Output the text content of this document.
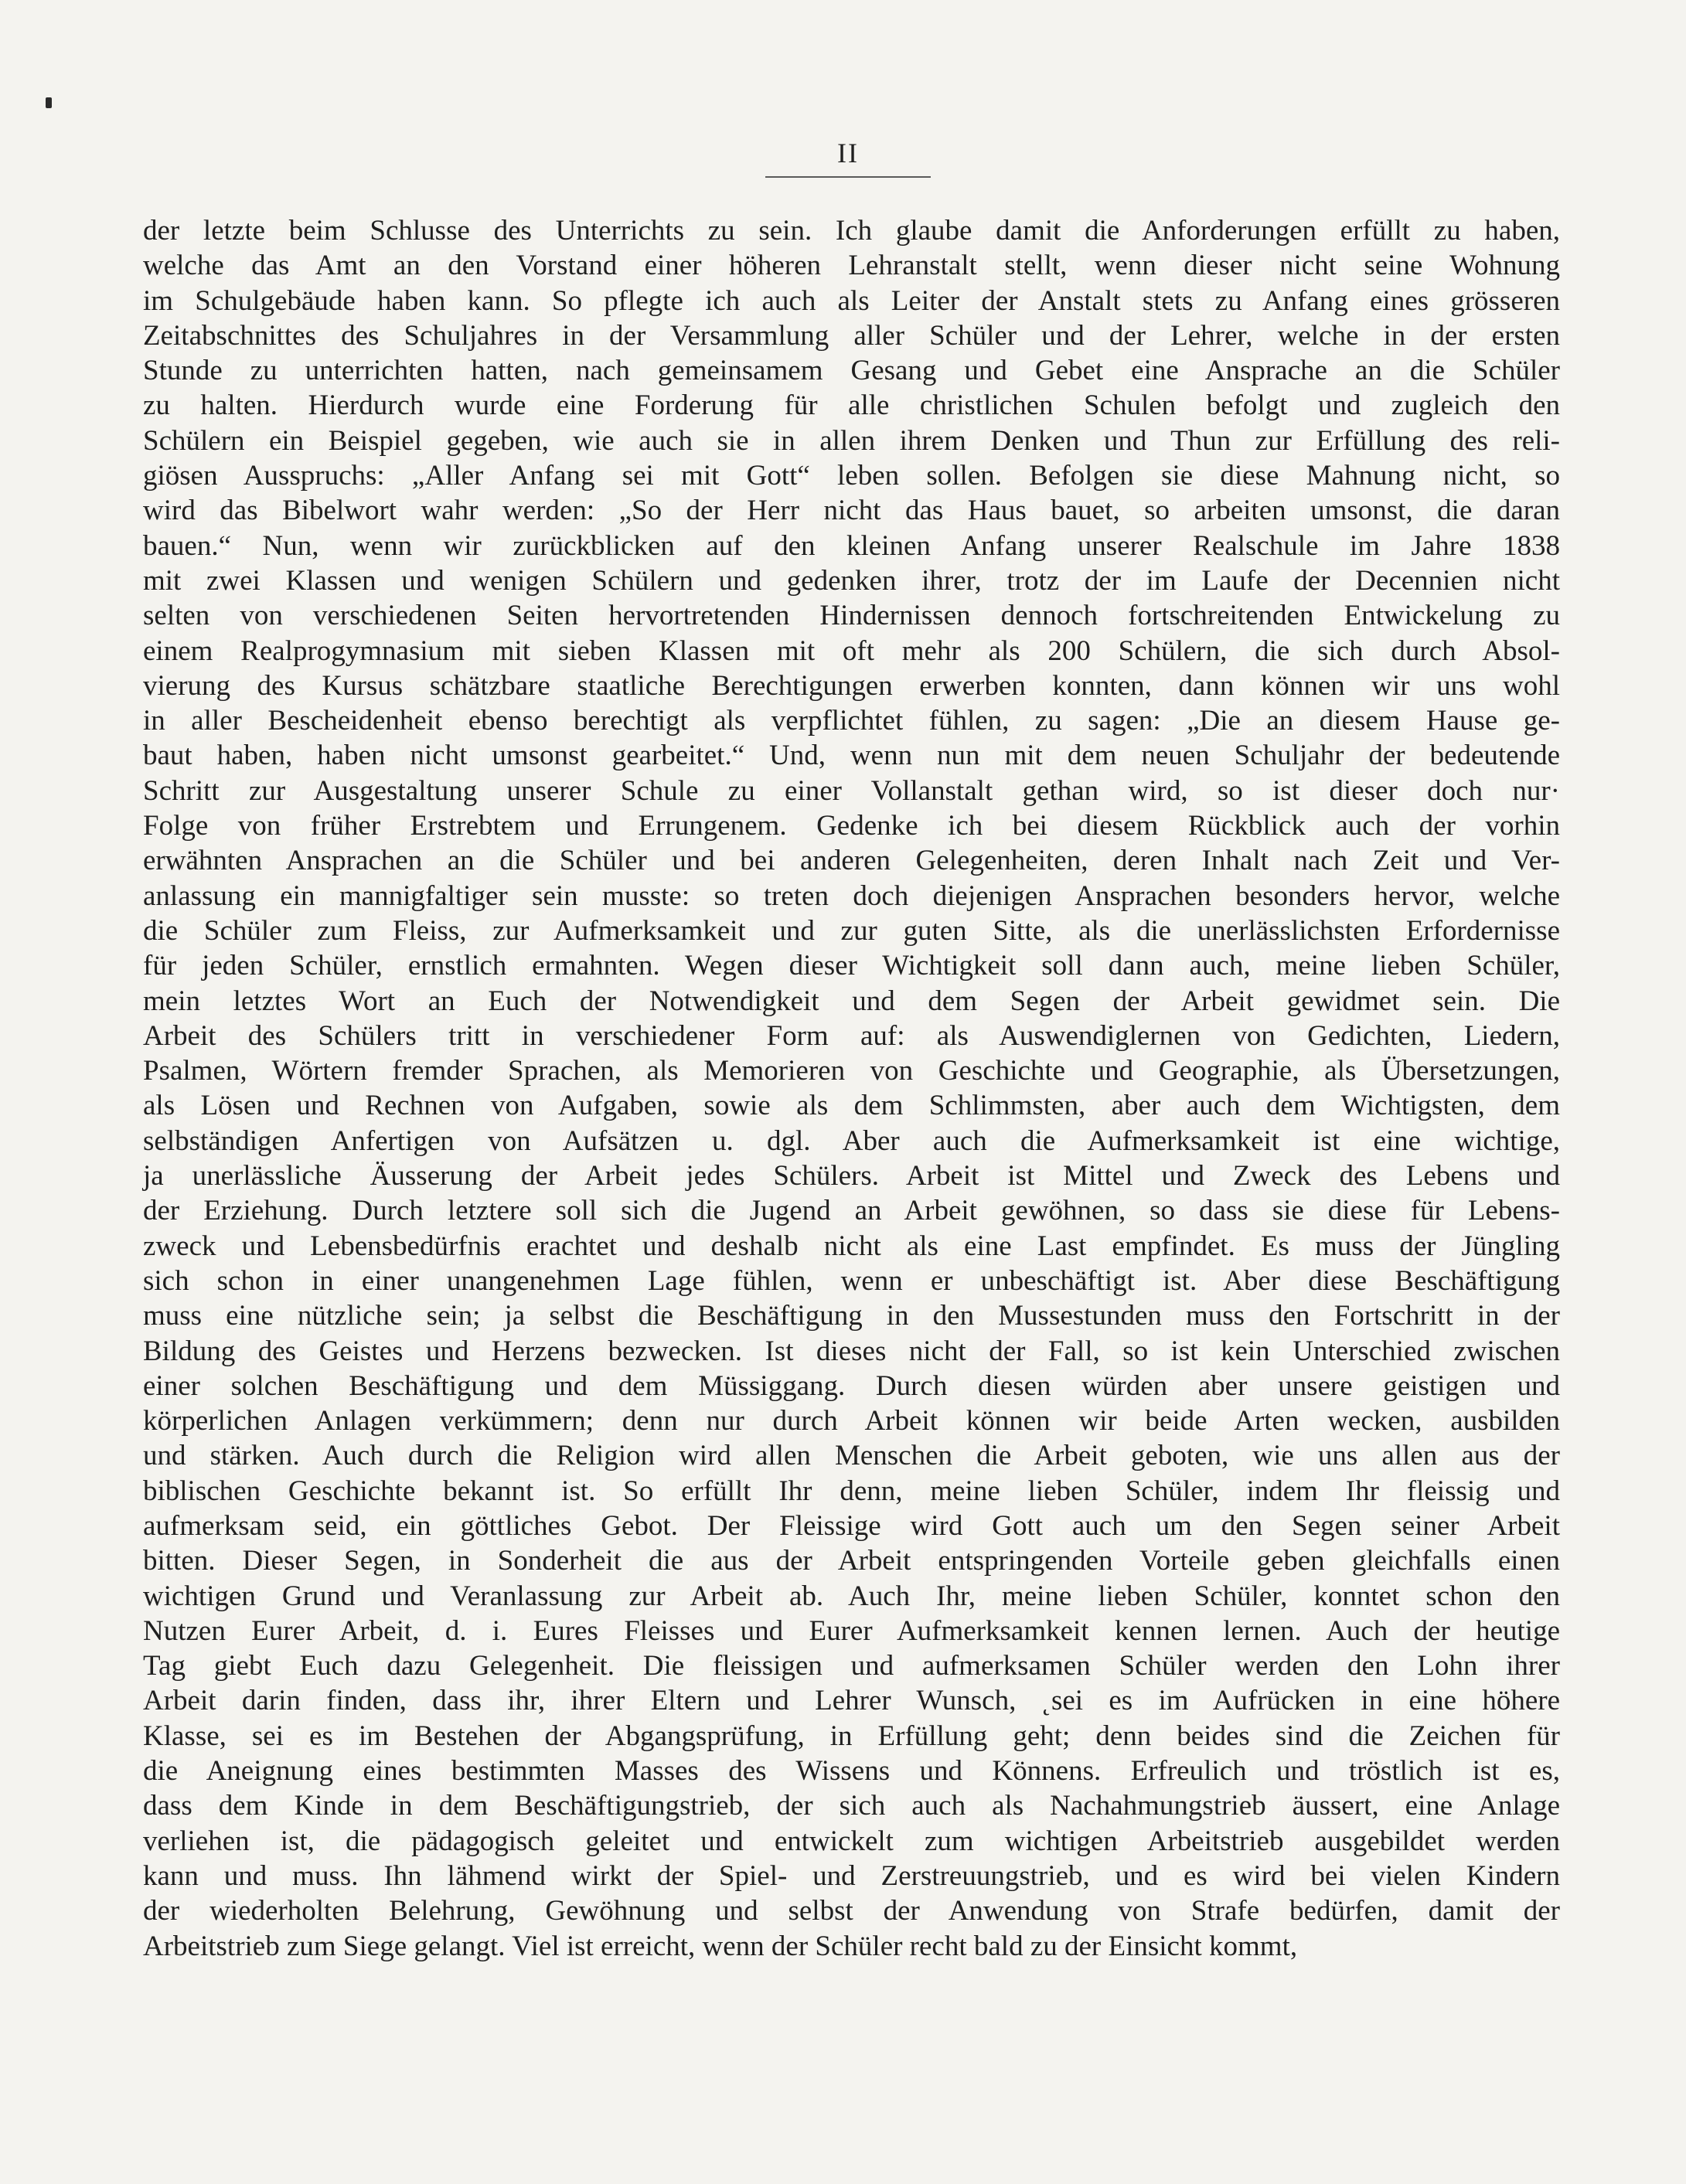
II
der letzte beim Schlusse des Unterrichts zu sein. Ich glaube damit die Anforderungen erfüllt zu haben,
welche das Amt an den Vorstand einer höheren Lehranstalt stellt, wenn dieser nicht seine Wohnung
im Schulgebäude haben kann. So pflegte ich auch als Leiter der Anstalt stets zu Anfang eines grösseren
Zeitabschnittes des Schuljahres in der Versammlung aller Schüler und der Lehrer, welche in der ersten
Stunde zu unterrichten hatten, nach gemeinsamem Gesang und Gebet eine Ansprache an die Schüler
zu halten. Hierdurch wurde eine Forderung für alle christlichen Schulen befolgt und zugleich den
Schülern ein Beispiel gegeben, wie auch sie in allen ihrem Denken und Thun zur Erfüllung des reli-
giösen Ausspruchs: „Aller Anfang sei mit Gott“ leben sollen. Befolgen sie diese Mahnung nicht, so
wird das Bibelwort wahr werden: „So der Herr nicht das Haus bauet, so arbeiten umsonst, die daran
bauen.“ Nun, wenn wir zurückblicken auf den kleinen Anfang unserer Realschule im Jahre 1838
mit zwei Klassen und wenigen Schülern und gedenken ihrer, trotz der im Laufe der Decennien nicht
selten von verschiedenen Seiten hervortretenden Hindernissen dennoch fortschreitenden Entwickelung zu
einem Realprogymnasium mit sieben Klassen mit oft mehr als 200 Schülern, die sich durch Absol-
vierung des Kursus schätzbare staatliche Berechtigungen erwerben konnten, dann können wir uns wohl
in aller Bescheidenheit ebenso berechtigt als verpflichtet fühlen, zu sagen: „Die an diesem Hause ge-
baut haben, haben nicht umsonst gearbeitet.“ Und, wenn nun mit dem neuen Schuljahr der bedeutende
Schritt zur Ausgestaltung unserer Schule zu einer Vollanstalt gethan wird, so ist dieser doch nur·
Folge von früher Erstrebtem und Errungenem. Gedenke ich bei diesem Rückblick auch der vorhin
erwähnten Ansprachen an die Schüler und bei anderen Gelegenheiten, deren Inhalt nach Zeit und Ver-
anlassung ein mannigfaltiger sein musste: so treten doch diejenigen Ansprachen besonders hervor, welche
die Schüler zum Fleiss, zur Aufmerksamkeit und zur guten Sitte, als die unerlässlichsten Erfordernisse
für jeden Schüler, ernstlich ermahnten. Wegen dieser Wichtigkeit soll dann auch, meine lieben Schüler,
mein letztes Wort an Euch der Notwendigkeit und dem Segen der Arbeit gewidmet sein. Die
Arbeit des Schülers tritt in verschiedener Form auf: als Auswendiglernen von Gedichten, Liedern,
Psalmen, Wörtern fremder Sprachen, als Memorieren von Geschichte und Geographie, als Übersetzungen,
als Lösen und Rechnen von Aufgaben, sowie als dem Schlimmsten, aber auch dem Wichtigsten, dem
selbständigen Anfertigen von Aufsätzen u. dgl. Aber auch die Aufmerksamkeit ist eine wichtige,
ja unerlässliche Äusserung der Arbeit jedes Schülers. Arbeit ist Mittel und Zweck des Lebens und
der Erziehung. Durch letztere soll sich die Jugend an Arbeit gewöhnen, so dass sie diese für Lebens-
zweck und Lebensbedürfnis erachtet und deshalb nicht als eine Last empfindet. Es muss der Jüngling
sich schon in einer unangenehmen Lage fühlen, wenn er unbeschäftigt ist. Aber diese Beschäftigung
muss eine nützliche sein; ja selbst die Beschäftigung in den Mussestunden muss den Fortschritt in der
Bildung des Geistes und Herzens bezwecken. Ist dieses nicht der Fall, so ist kein Unterschied zwischen
einer solchen Beschäftigung und dem Müssiggang. Durch diesen würden aber unsere geistigen und
körperlichen Anlagen verkümmern; denn nur durch Arbeit können wir beide Arten wecken, ausbilden
und stärken. Auch durch die Religion wird allen Menschen die Arbeit geboten, wie uns allen aus der
biblischen Geschichte bekannt ist. So erfüllt Ihr denn, meine lieben Schüler, indem Ihr fleissig und
aufmerksam seid, ein göttliches Gebot. Der Fleissige wird Gott auch um den Segen seiner Arbeit
bitten. Dieser Segen, in Sonderheit die aus der Arbeit entspringenden Vorteile geben gleichfalls einen
wichtigen Grund und Veranlassung zur Arbeit ab. Auch Ihr, meine lieben Schüler, konntet schon den
Nutzen Eurer Arbeit, d. i. Eures Fleisses und Eurer Aufmerksamkeit kennen lernen. Auch der heutige
Tag giebt Euch dazu Gelegenheit. Die fleissigen und aufmerksamen Schüler werden den Lohn ihrer
Arbeit darin finden, dass ihr, ihrer Eltern und Lehrer Wunsch, ˛sei es im Aufrücken in eine höhere
Klasse, sei es im Bestehen der Abgangsprüfung, in Erfüllung geht; denn beides sind die Zeichen für
die Aneignung eines bestimmten Masses des Wissens und Könnens. Erfreulich und tröstlich ist es,
dass dem Kinde in dem Beschäftigungstrieb, der sich auch als Nachahmungstrieb äussert, eine Anlage
verliehen ist, die pädagogisch geleitet und entwickelt zum wichtigen Arbeitstrieb ausgebildet werden
kann und muss. Ihn lähmend wirkt der Spiel- und Zerstreuungstrieb, und es wird bei vielen Kindern
der wiederholten Belehrung, Gewöhnung und selbst der Anwendung von Strafe bedürfen, damit der
Arbeitstrieb zum Siege gelangt. Viel ist erreicht, wenn der Schüler recht bald zu der Einsicht kommt,
